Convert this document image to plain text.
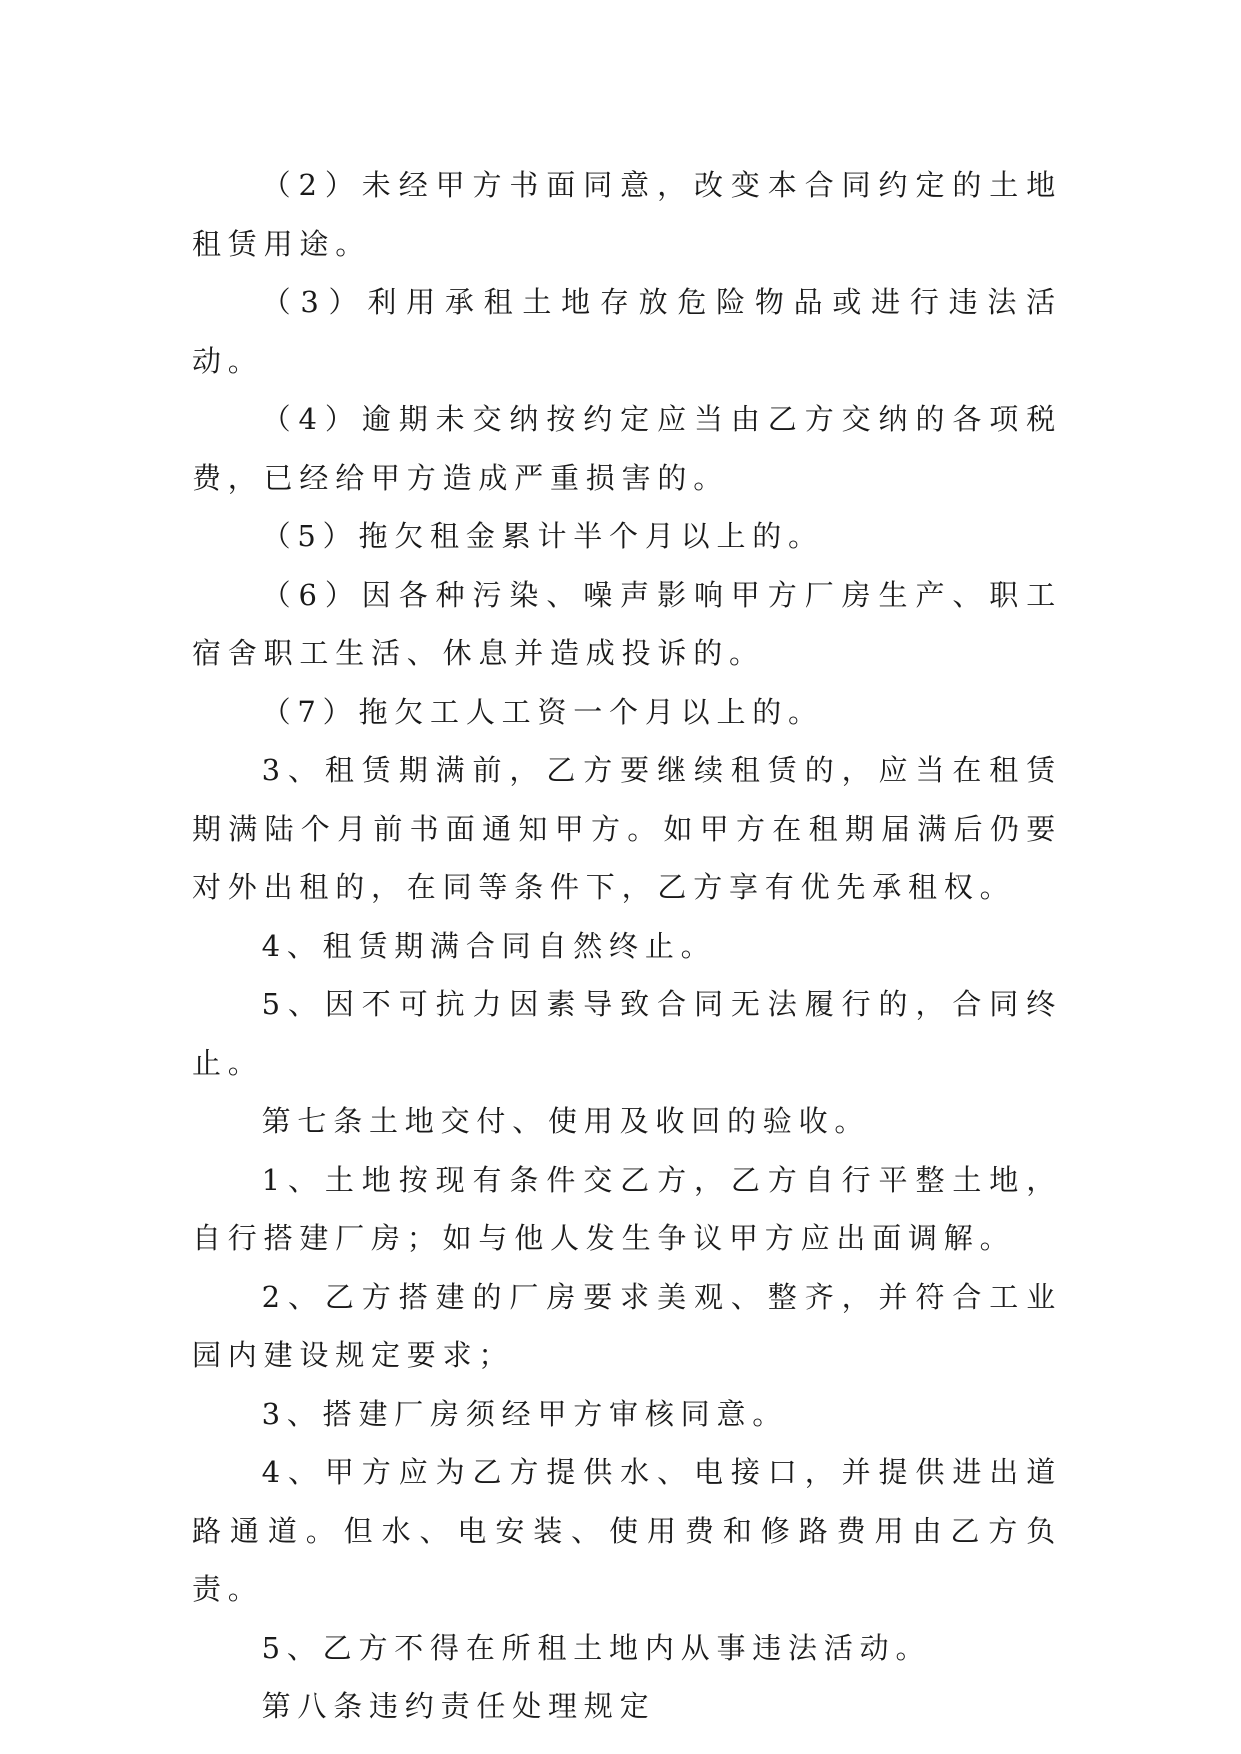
（2）未经甲方书面同意，改变本合同约定的土地租赁用途。

（3）利用承租土地存放危险物品或进行违法活动。

（4）逾期未交纳按约定应当由乙方交纳的各项税费，已经给甲方造成严重损害的。

（5）拖欠租金累计半个月以上的。

（6）因各种污染、噪声影响甲方厂房生产、职工宿舍职工生活、休息并造成投诉的。

（7）拖欠工人工资一个月以上的。

3、租赁期满前，乙方要继续租赁的，应当在租赁期满陆个月前书面通知甲方。如甲方在租期届满后仍要对外出租的，在同等条件下，乙方享有优先承租权。

4、租赁期满合同自然终止。

5、因不可抗力因素导致合同无法履行的，合同终止。

第七条土地交付、使用及收回的验收。

1、土地按现有条件交乙方，乙方自行平整土地，自行搭建厂房；如与他人发生争议甲方应出面调解。

2、乙方搭建的厂房要求美观、整齐，并符合工业园内建设规定要求；

3、搭建厂房须经甲方审核同意。

4、甲方应为乙方提供水、电接口，并提供进出道路通道。但水、电安装、使用费和修路费用由乙方负责。

5、乙方不得在所租土地内从事违法活动。

第八条违约责任处理规定
